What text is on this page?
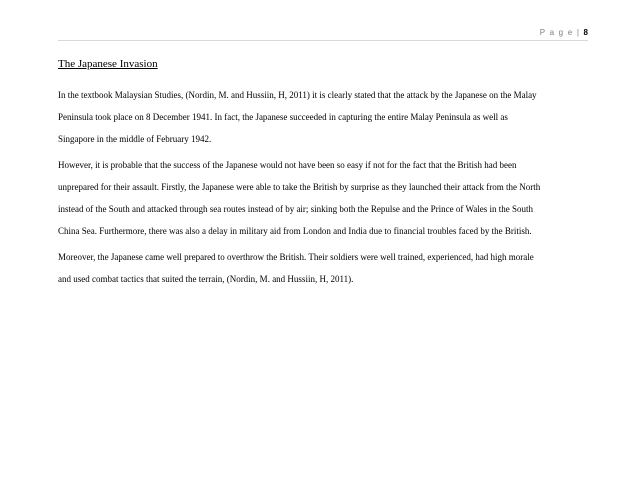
P a g e | 8
The Japanese Invasion
In the textbook Malaysian Studies, (Nordin, M. and Hussiin, H, 2011) it is clearly stated that the attack by the Japanese on the Malay
Peninsula took place on 8 December 1941. In fact, the Japanese succeeded in capturing the entire Malay Peninsula as well as
Singapore in the middle of February 1942.
However, it is probable that the success of the Japanese would not have been so easy if not for the fact that the British had been
unprepared for their assault. Firstly, the Japanese were able to take the British by surprise as they launched their attack from the North
instead of the South and attacked through sea routes instead of by air; sinking both the Repulse and the Prince of Wales in the South
China Sea. Furthermore, there was also a delay in military aid from London and India due to financial troubles faced by the British.
Moreover, the Japanese came well prepared to overthrow the British. Their soldiers were well trained, experienced, had high morale
and used combat tactics that suited the terrain, (Nordin, M. and Hussiin, H, 2011).
